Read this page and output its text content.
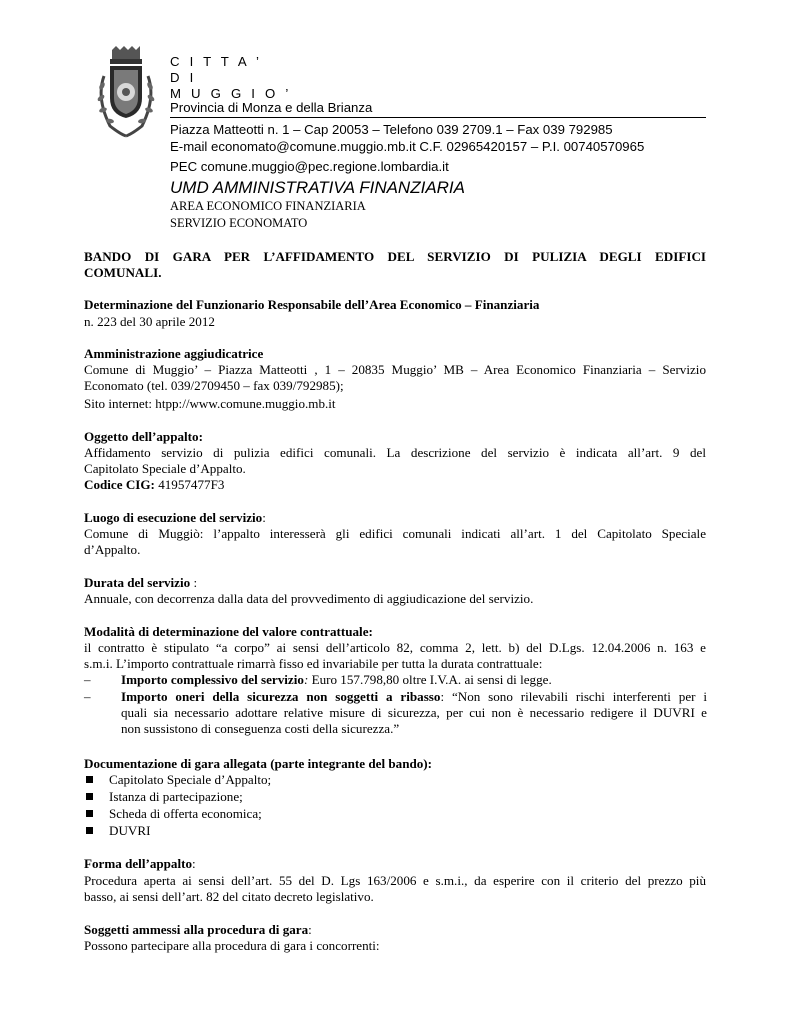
C I T T A ’
D I
M U G G I O ’
Provincia di Monza e della Brianza
Piazza Matteotti n. 1 – Cap 20053 – Telefono 039 2709.1 – Fax 039 792985
E-mail economato@comune.muggio.mb.it C.F. 02965420157 – P.I. 00740570965
PEC comune.muggio@pec.regione.lombardia.it
UMD AMMINISTRATIVA FINANZIARIA
AREA ECONOMICO FINANZIARIA
SERVIZIO ECONOMATO
BANDO DI GARA PER L’AFFIDAMENTO DEL SERVIZIO DI PULIZIA DEGLI EDIFICI
COMUNALI.
Determinazione del Funzionario Responsabile dell’Area Economico – Finanziaria
n. 223 del 30 aprile 2012
Amministrazione aggiudicatrice
Comune di Muggio’ – Piazza Matteotti , 1 – 20835 Muggio’ MB – Area Economico Finanziaria – Servizio
Economato (tel. 039/2709450 – fax 039/792985);
Sito internet: htpp://www.comune.muggio.mb.it
Oggetto dell’appalto:
Affidamento servizio di pulizia edifici comunali. La descrizione del servizio è indicata all’art. 9 del
Capitolato Speciale d’Appalto.
Codice CIG: 41957477F3
Luogo di esecuzione del servizio:
Comune di Muggiò: l’appalto interesserà gli edifici comunali indicati all’art. 1 del Capitolato Speciale
d’Appalto.
Durata del servizio :
Annuale, con decorrenza dalla data del provvedimento di aggiudicazione del servizio.
Modalità di determinazione del valore contrattuale:
il contratto è stipulato “a corpo” ai sensi dell’articolo 82, comma 2, lett. b) del D.Lgs. 12.04.2006 n. 163 e
s.m.i. L’importo contrattuale rimarrà fisso ed invariabile per tutta la durata contrattuale:
– Importo complessivo del servizio: Euro 157.798,80 oltre I.V.A. ai sensi di legge.
– Importo oneri della sicurezza non soggetti a ribasso: “Non sono rilevabili rischi interferenti per i
quali sia necessario adottare relative misure di sicurezza, per cui non è necessario redigere il DUVRI e
non sussistono di conseguenza costi della sicurezza.”
Documentazione di gara allegata (parte integrante del bando):
Capitolato Speciale d’Appalto;
Istanza di partecipazione;
Scheda di offerta economica;
DUVRI
Forma dell’appalto:
Procedura aperta ai sensi dell’art. 55 del D. Lgs 163/2006 e s.m.i., da esperire con il criterio del prezzo più
basso, ai sensi dell’art. 82 del citato decreto legislativo.
Soggetti ammessi alla procedura di gara:
Possono partecipare alla procedura di gara i concorrenti:
